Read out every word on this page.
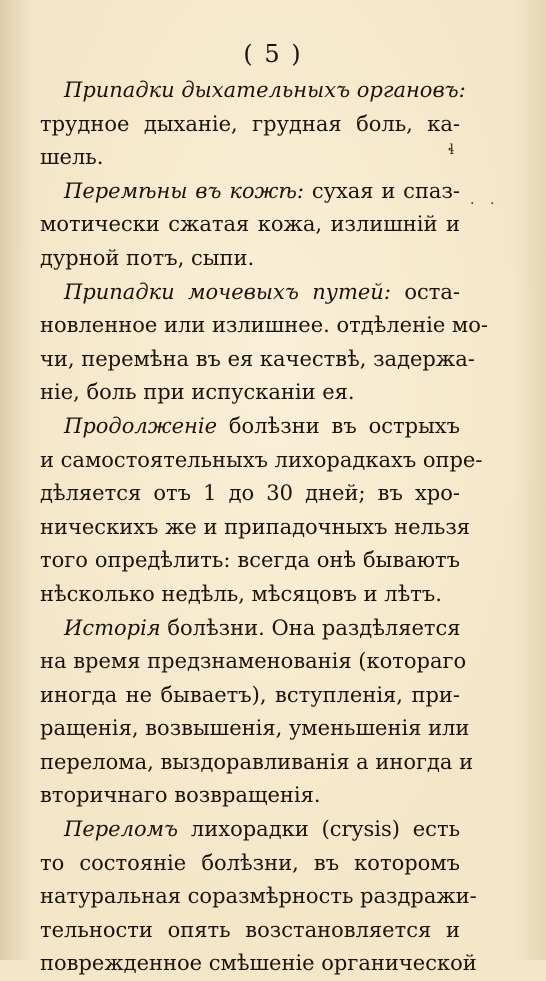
( 5 )
Припадки дыхательныхъ органовъ:
трудное дыханіе, грудная боль, ка-
шель.
Перемѣны въ кожѣ: сухая и спаз-
мотически сжатая кожа, излишній и
дурной потъ, сыпи.
Припадки мочевыхъ путей: оста-
новленное или излишнее. отдѣленіе мо-
чи, перемѣна въ ея качествѣ, задержа-
ніе, боль при испусканіи ея.
Продолженіе болѣзни въ острыхъ
и самостоятельныхъ лихорадкахъ опре-
дѣляется отъ 1 до 30 дней; въ хро-
ническихъ же и припадочныхъ нельзя
того опредѣлить: всегда онѣ бываютъ
нѣсколько недѣль, мѣсяцовъ и лѣтъ.
Исторія болѣзни. Она раздѣляется
на время предзнаменованія (котораго
иногда не бываетъ), вступленія, при-
ращенія, возвышенія, уменьшенія или
перелома, выздоравливанія а иногда и
вторичнаго возвращенія.
Переломъ лихорадки (crysis) есть
то состояніе болѣзни, въ которомъ
натуральная соразмѣрность раздражи-
тельности опять возстановляется и
поврежденное смѣшеніе органической
ɬ
· ·
